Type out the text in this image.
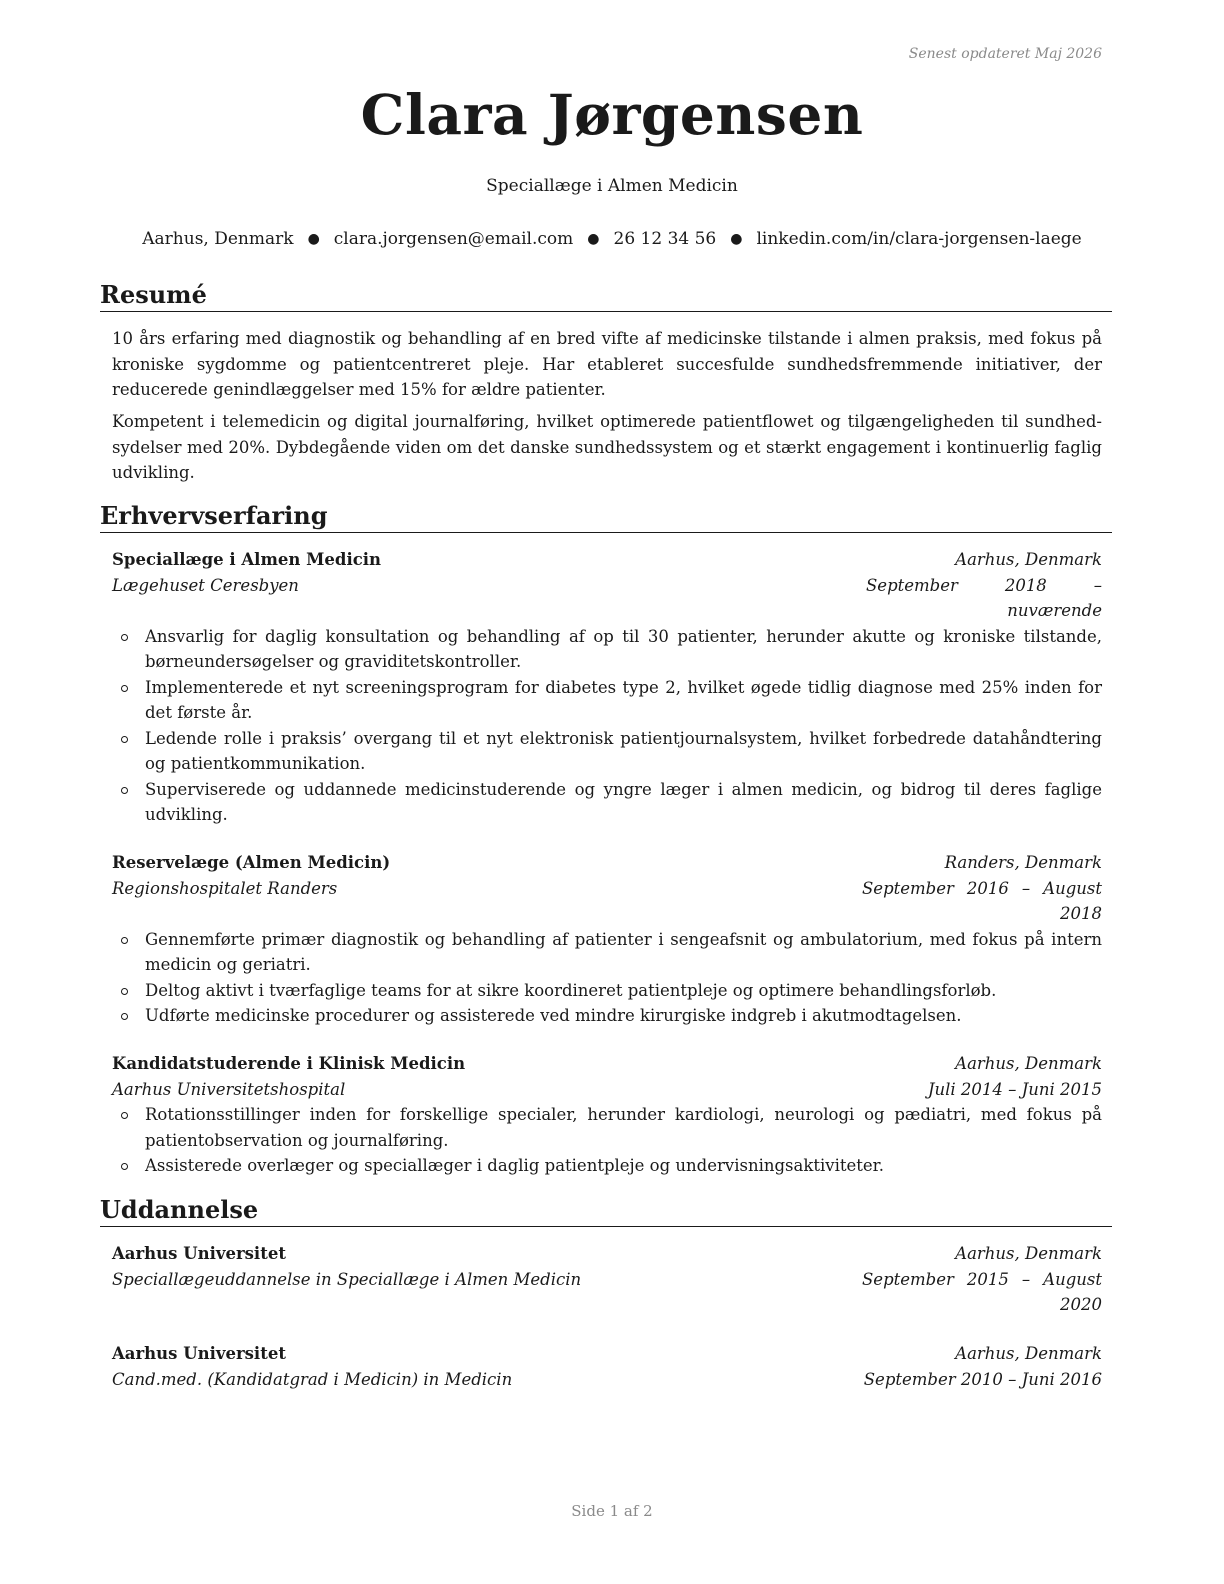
Senest opdateret Maj 2026
Clara Jørgensen
Speciallæge i Almen Medicin
Aarhus, Denmark ● clara.jorgensen@email.com ● 26 12 34 56 ● linkedin.com/in/clara-jorgensen-laege
Resumé

10 års erfaring med diagnostik og behandling af en bred vifte af medicinske tilstande i almen praksis, med fokus på kroniske sygdomme og patientcentreret pleje. Har etableret succesfulde sundhedsfremmende initiativer, der reducerede genindlæggelser med 15% for ældre patienter.

Kompetent i telemedicin og digital journalføring, hvilket optimerede patientflowet og tilgængeligheden til sundhedsydelser med 20%. Dybdegående viden om det danske sundhedssystem og et stærkt engagement i kontinuerlig faglig udvikling.

Erhvervserfaring
Speciallæge i Almen Medicin	Aarhus, Denmark
Lægehuset Ceresbyen	September 2018 – nuværende
Ansvarlig for daglig konsultation og behandling af op til 30 patienter, herunder akutte og kroniske tilstande, børneundersøgelser og graviditetskontroller.
Implementerede et nyt screeningsprogram for diabetes type 2, hvilket øgede tidlig diagnose med 25% inden for det første år.
Ledende rolle i praksis’ overgang til et nyt elektronisk patientjournalsystem, hvilket forbedrede datahåndtering og patientkommunikation.
Superviserede og uddannede medicinstuderende og yngre læger i almen medicin, og bidrog til deres faglige udvikling.
Reservelæge (Almen Medicin)	Randers, Denmark
Regionshospitalet Randers	September 2016 – August 2018
Gennemførte primær diagnostik og behandling af patienter i sengeafsnit og ambulatorium, med fokus på intern medicin og geriatri.
Deltog aktivt i tværfaglige teams for at sikre koordineret patientpleje og optimere behandlingsforløb.
Udførte medicinske procedurer og assisterede ved mindre kirurgiske indgreb i akutmodtagelsen.
Kandidatstuderende i Klinisk Medicin	Aarhus, Denmark
Aarhus Universitetshospital	Juli 2014 – Juni 2015
Rotationsstillinger inden for forskellige specialer, herunder kardiologi, neurologi og pædiatri, med fokus på patientobservation og journalføring.
Assisterede overlæger og speciallæger i daglig patientpleje og undervisningsaktiviteter.
Uddannelse
Aarhus Universitet	Aarhus, Denmark
Speciallægeuddannelse in Speciallæge i Almen Medicin	September 2015 – August 2020
Aarhus Universitet	Aarhus, Denmark
Cand.med. (Kandidatgrad i Medicin) in Medicin	September 2010 – Juni 2016
Side 1 af 2
